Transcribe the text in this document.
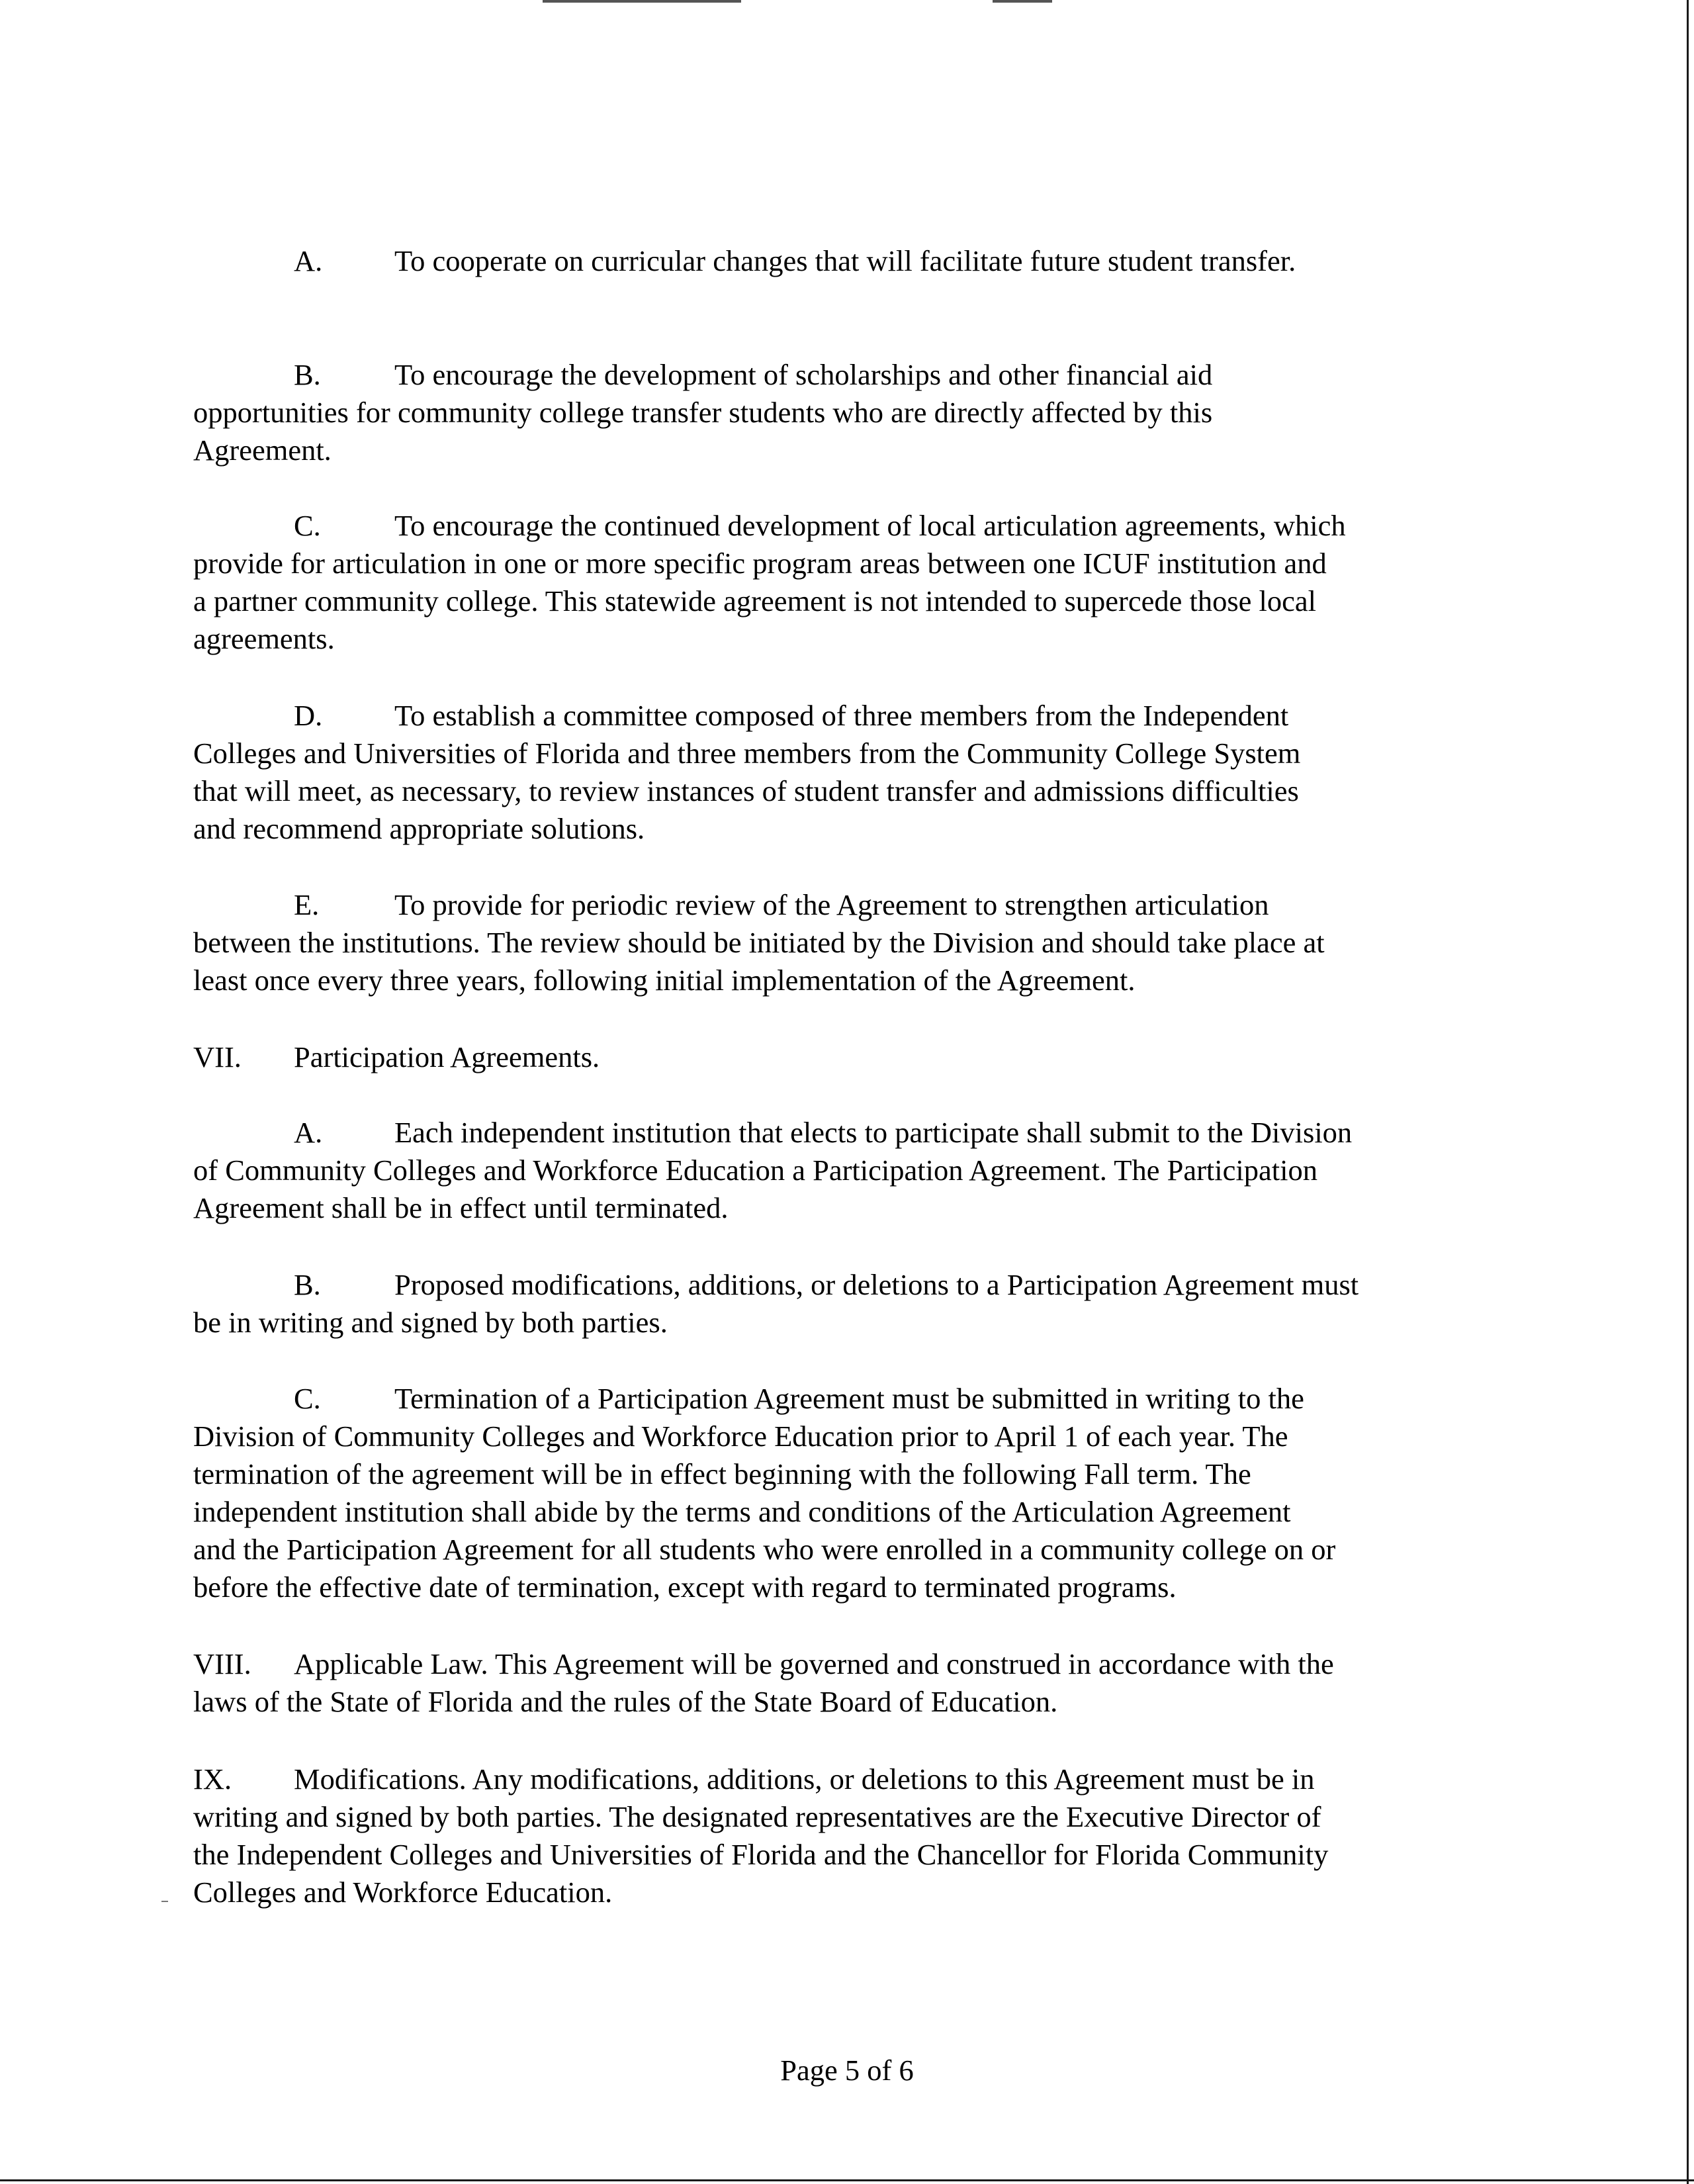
A. To cooperate on curricular changes that will facilitate future student transfer.
B. To encourage the development of scholarships and other financial aid
opportunities for community college transfer students who are directly affected by this
Agreement.
C. To encourage the continued development of local articulation agreements, which
provide for articulation in one or more specific program areas between one ICUF institution and
a partner community college. This statewide agreement is not intended to supercede those local
agreements.
D. To establish a committee composed of three members from the Independent
Colleges and Universities of Florida and three members from the Community College System
that will meet, as necessary, to review instances of student transfer and admissions difficulties
and recommend appropriate solutions.
E.	To provide for periodic review of the Agreement to strengthen articulation
between the institutions. The review should be initiated by the Division and should take place at
least once every three years, following initial implementation of the Agreement.
VII. Participation Agreements.
A. Each independent institution that elects to participate shall submit to the Division
of Community Colleges and Workforce Education a Participation Agreement. The Participation
Agreement shall be in effect until terminated.
B. Proposed modifications, additions, or deletions to a Participation Agreement must
be in writing and signed by both parties.
C. Termination of a Participation Agreement must be submitted in writing to the
Division of Community Colleges and Workforce Education prior to April 1 of each year. The
termination of the agreement will be in effect beginning with the following Fall term. The
independent institution shall abide by the terms and conditions of the Articulation Agreement
and the Participation Agreement for all students who were enrolled in a community college on or
before the effective date of termination, except with regard to terminated programs.
VIII. Applicable Law. This Agreement will be governed and construed in accordance with the
laws of the State of Florida and the rules of the State Board of Education.
IX. Modifications. Any modifications, additions, or deletions to this Agreement must be in
writing and signed by both parties. The designated representatives are the Executive Director of
the Independent Colleges and Universities of Florida and the Chancellor for Florida Community
Colleges and Workforce Education.
Page 5 of 6
